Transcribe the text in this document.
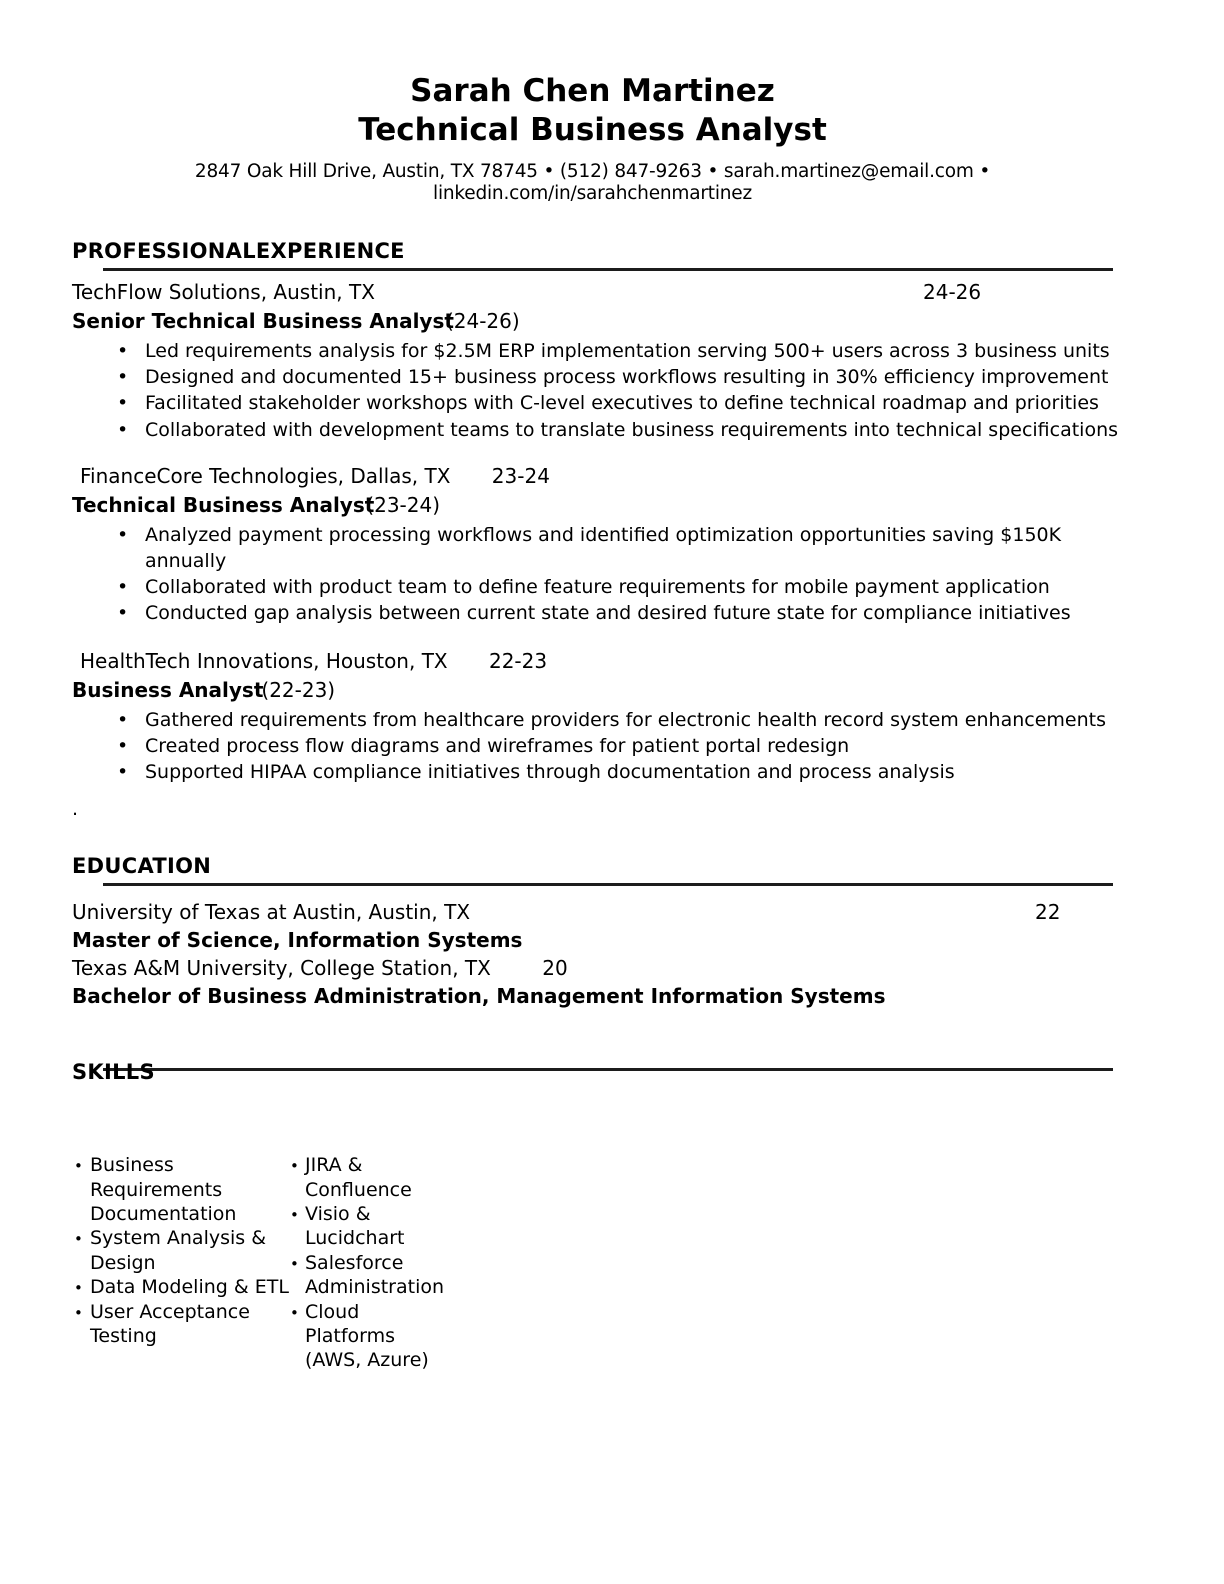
Sarah Chen Martinez
Technical Business Analyst
2847 Oak Hill Drive, Austin, TX 78745 • (512) 847-9263 • sarah.martinez@email.com • linkedin.com/in/sarahchenmartinez
PROFESSIONALEXPERIENCE
TechFlow Solutions, Austin, TX	24-26
Senior Technical Business Analyst(24-26)
• Led requirements analysis for $2.5M ERP implementation serving 500+ users across 3 business units
• Designed and documented 15+ business process workflows resulting in 30% efficiency improvement
• Facilitated stakeholder workshops with C-level executives to define technical roadmap and priorities
• Collaborated with development teams to translate business requirements into technical specifications
FinanceCore Technologies, Dallas, TX 23-24
Technical Business Analyst(23-24)
• Analyzed payment processing workflows and identified optimization opportunities saving $150K annually
• Collaborated with product team to define feature requirements for mobile payment application
• Conducted gap analysis between current state and desired future state for compliance initiatives
HealthTech Innovations, Houston, TX 22-23
Business Analyst(22-23)
• Gathered requirements from healthcare providers for electronic health record system enhancements
• Created process flow diagrams and wireframes for patient portal redesign
• Supported HIPAA compliance initiatives through documentation and process analysis
.
EDUCATION
University of Texas at Austin, Austin, TX	22
Master of Science, Information Systems
Texas A&M University, College Station, TX	20
Bachelor of Business Administration, Management Information Systems
SKILLS
• Business Requirements Documentation
• System Analysis & Design
• Data Modeling & ETL
• User Acceptance Testing
• JIRA & Confluence
• Visio & Lucidchart
• Salesforce Administration
• Cloud Platforms (AWS, Azure)
